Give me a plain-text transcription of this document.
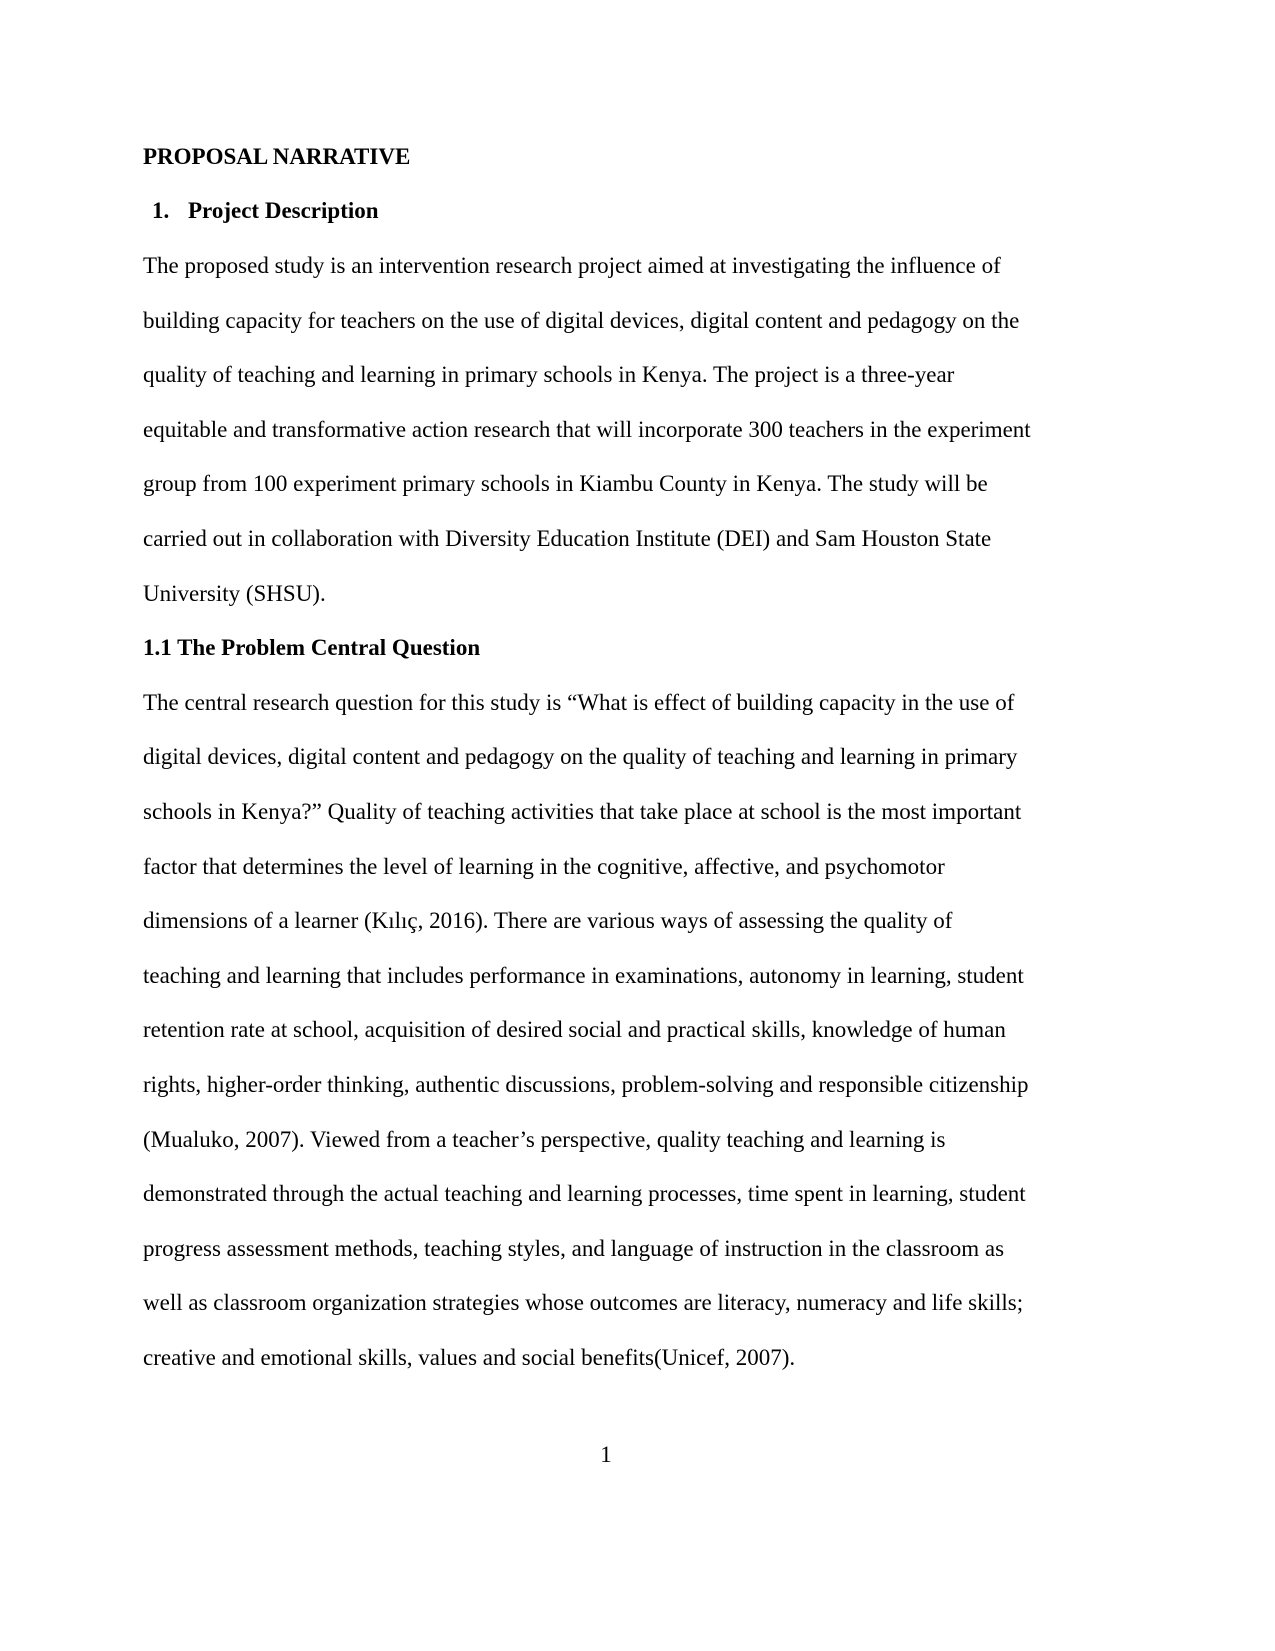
PROPOSAL NARRATIVE
1. Project Description
The proposed study is an intervention research project aimed at investigating the influence of
building capacity for teachers on the use of digital devices, digital content and pedagogy on the
quality of teaching and learning in primary schools in Kenya. The project is a three-year
equitable and transformative action research that will incorporate 300 teachers in the experiment
group from 100 experiment primary schools in Kiambu County in Kenya. The study will be
carried out in collaboration with Diversity Education Institute (DEI) and Sam Houston State
University (SHSU).
1.1 The Problem Central Question
The central research question for this study is “What is effect of building capacity in the use of
digital devices, digital content and pedagogy on the quality of teaching and learning in primary
schools in Kenya?” Quality of teaching activities that take place at school is the most important
factor that determines the level of learning in the cognitive, affective, and psychomotor
dimensions of a learner (Kılıç, 2016). There are various ways of assessing the quality of
teaching and learning that includes performance in examinations, autonomy in learning, student
retention rate at school, acquisition of desired social and practical skills, knowledge of human
rights, higher-order thinking, authentic discussions, problem-solving and responsible citizenship
(Mualuko, 2007). Viewed from a teacher’s perspective, quality teaching and learning is
demonstrated through the actual teaching and learning processes, time spent in learning, student
progress assessment methods, teaching styles, and language of instruction in the classroom as
well as classroom organization strategies whose outcomes are literacy, numeracy and life skills;
creative and emotional skills, values and social benefits(Unicef, 2007).
1
